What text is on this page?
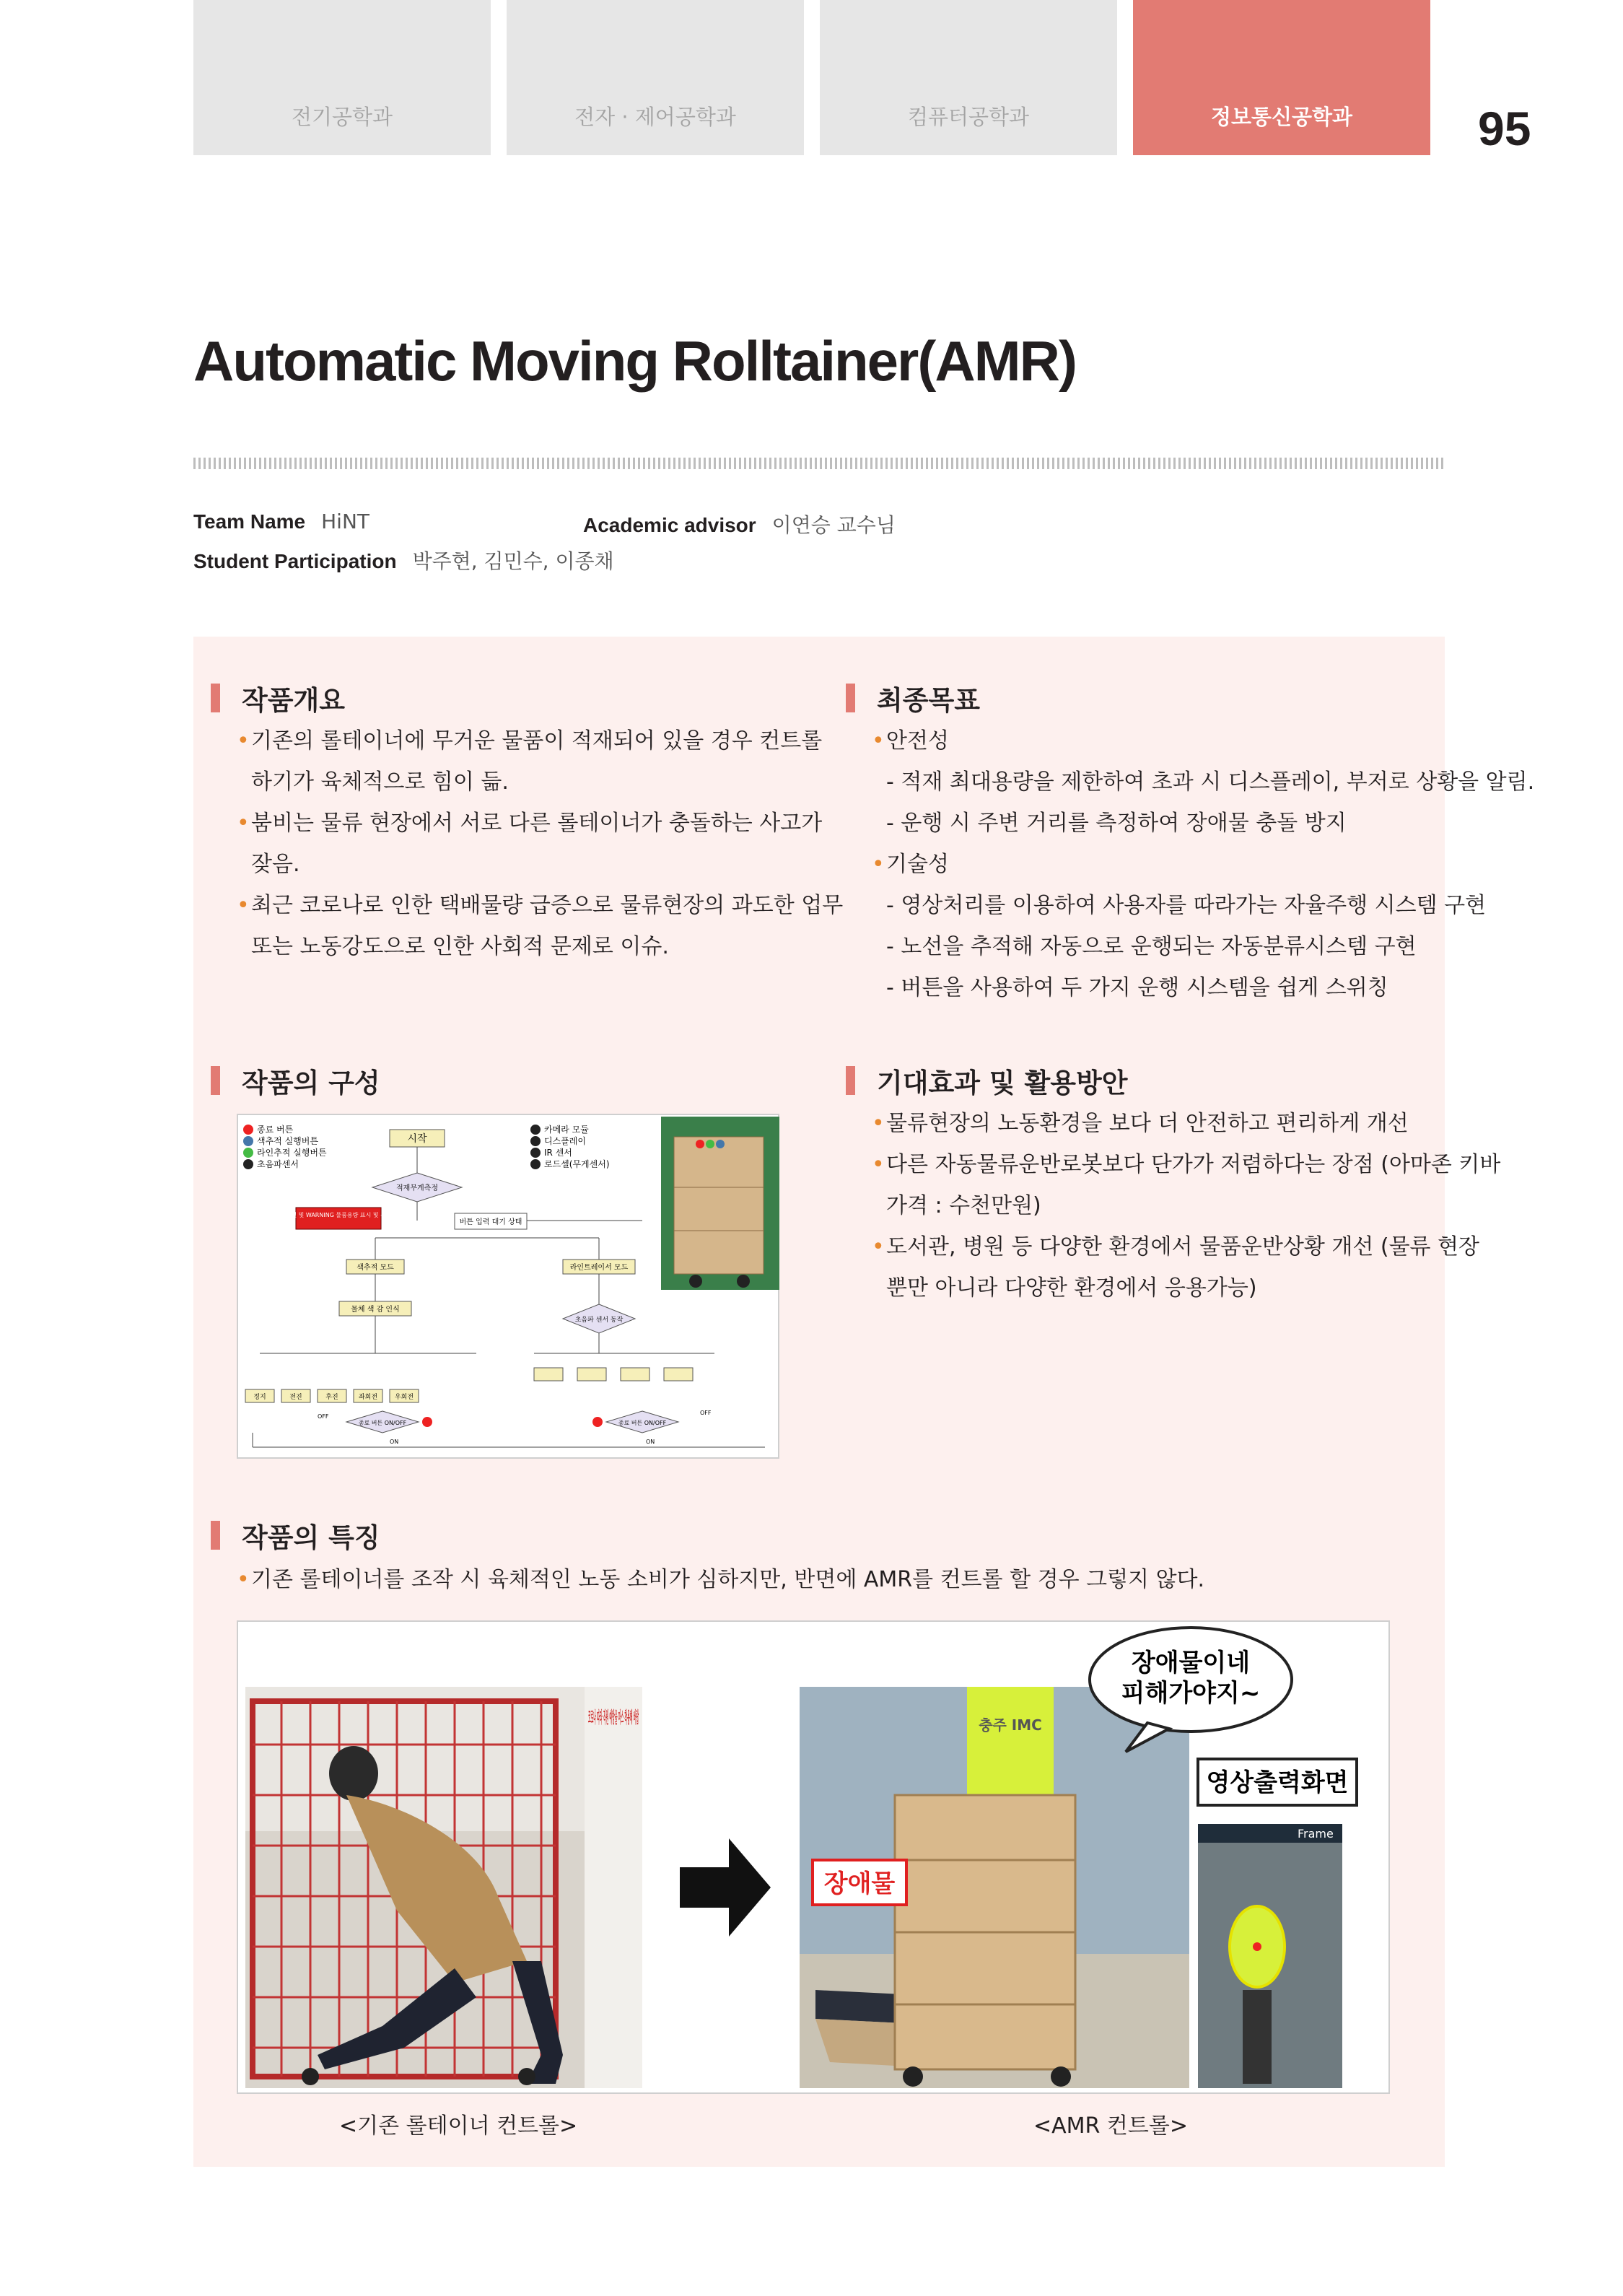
전기공학과	전자 · 제어공학과	컴퓨터공학과	정보통신공학과	95
Automatic Moving Rolltainer(AMR)
Team Name HiNT	Academic advisor 이연승 교수님
Student Participation 박주현, 김민수, 이종채
작품개요
• 기존의 롤테이너에 무거운 물품이 적재되어 있을 경우 컨트롤
하기가 육체적으로 힘이 듦.
• 붐비는 물류 현장에서 서로 다른 롤테이너가 충돌하는 사고가
잦음.
• 최근 코로나로 인한 택배물량 급증으로 물류현장의 과도한 업무
또는 노동강도으로 인한 사회적 문제로 이슈.
최종목표
• 안전성
- 적재 최대용량을 제한하여 초과 시 디스플레이, 부저로 상황을 알림.
- 운행 시 주변 거리를 측정하여 장애물 충돌 방지
• 기술성
- 영상처리를 이용하여 사용자를 따라가는 자율주행 시스템 구현
- 노선을 추적해 자동으로 운행되는 자동분류시스템 구현
- 버튼을 사용하여 두 가지 운행 시스템을 쉽게 스위칭
작품의 구성
종료 버튼
색추적 실행버튼
라인추적 실행버튼
초음파센서
카메라 모듈
디스플레이
IR 센서
로드셀(무게센서)
시작
적재무게측정
LED 점멸 및 WARNING 물품용량 표시 및 부저 출력
버튼 입력 대기 상태
색추적 모드	라인트레이서 모드
물체 색 감 인식
초음파 센서 동작
정지	전진	후진	좌회전	우회전
종료 버튼 ON/OFF
OFF
ON
종료 버튼 ON/OFF
OFF
ON
기대효과 및 활용방안
• 물류현장의 노동환경을 보다 더 안전하고 편리하게 개선
• 다른 자동물류운반로봇보다 단가가 저렴하다는 장점 (아마존 키바
가격 : 수천만원)
• 도서관, 병원 등 다양한 환경에서 물품운반상황 개선 (물류 현장
뿐만 아니라 다양한 환경에서 응용가능)
작품의 특징
• 기존 롤테이너를 조작 시 육체적인 노동 소비가 심하지만, 반면에 AMR를 컨트롤 할 경우 그렇지 않다.
코로나 따라 직원 예방을 마스 착용해 바랍	충주 IMC
장애물
Frame
영상출력화면
장애물이네
피해가야지~
<기존 롤테이너 컨트롤>	<AMR 컨트롤>
